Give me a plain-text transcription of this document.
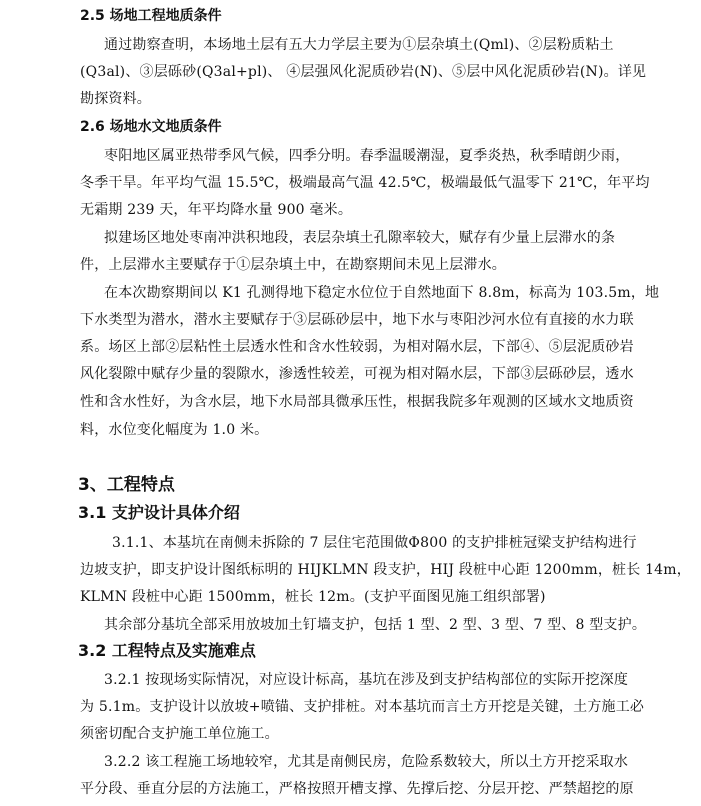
2.5 场地工程地质条件
通过勘察查明，本场地土层有五大力学层主要为①层杂填土(Qml)、②层粉质粘土
(Q3al)、③层砾砂(Q3al+pl)、 ④层强风化泥质砂岩(N)、⑤层中风化泥质砂岩(N)。详见
勘探资料。
2.6 场地水文地质条件
枣阳地区属亚热带季风气候，四季分明。春季温暖潮湿，夏季炎热，秋季晴朗少雨，
冬季干旱。年平均气温 15.5℃，极端最高气温 42.5℃，极端最低气温零下 21℃，年平均
无霜期 239 天，年平均降水量 900 毫米。
拟建场区地处枣南冲洪积地段，表层杂填土孔隙率较大，赋存有少量上层滞水的条
件，上层滞水主要赋存于①层杂填土中，在勘察期间未见上层滞水。
在本次勘察期间以 K1 孔测得地下稳定水位位于自然地面下 8.8m，标高为 103.5m，地
下水类型为潜水，潜水主要赋存于③层砾砂层中，地下水与枣阳沙河水位有直接的水力联
系。场区上部②层粘性土层透水性和含水性较弱，为相对隔水层，下部④、⑤层泥质砂岩
风化裂隙中赋存少量的裂隙水，渗透性较差，可视为相对隔水层，下部③层砾砂层，透水
性和含水性好，为含水层，地下水局部具微承压性，根据我院多年观测的区域水文地质资
料，水位变化幅度为 1.0 米。
3、工程特点
3.1 支护设计具体介绍
3.1.1、本基坑在南侧未拆除的 7 层住宅范围做Φ800 的支护排桩冠梁支护结构进行
边坡支护，即支护设计图纸标明的 HIJKLMN 段支护，HIJ 段桩中心距 1200mm，桩长 14m，
KLMN 段桩中心距 1500mm，桩长 12m。(支护平面图见施工组织部署)
其余部分基坑全部采用放坡加土钉墙支护，包括 1 型、2 型、3 型、7 型、8 型支护。
3.2 工程特点及实施难点
3.2.1 按现场实际情况，对应设计标高，基坑在涉及到支护结构部位的实际开挖深度
为 5.1m。支护设计以放坡+喷锚、支护排桩。对本基坑而言土方开挖是关键，土方施工必
须密切配合支护施工单位施工。
3.2.2 该工程施工场地较窄，尤其是南侧民房，危险系数较大，所以土方开挖采取水
平分段、垂直分层的方法施工，严格按照开槽支撑、先撑后挖、分层开挖、严禁超挖的原
